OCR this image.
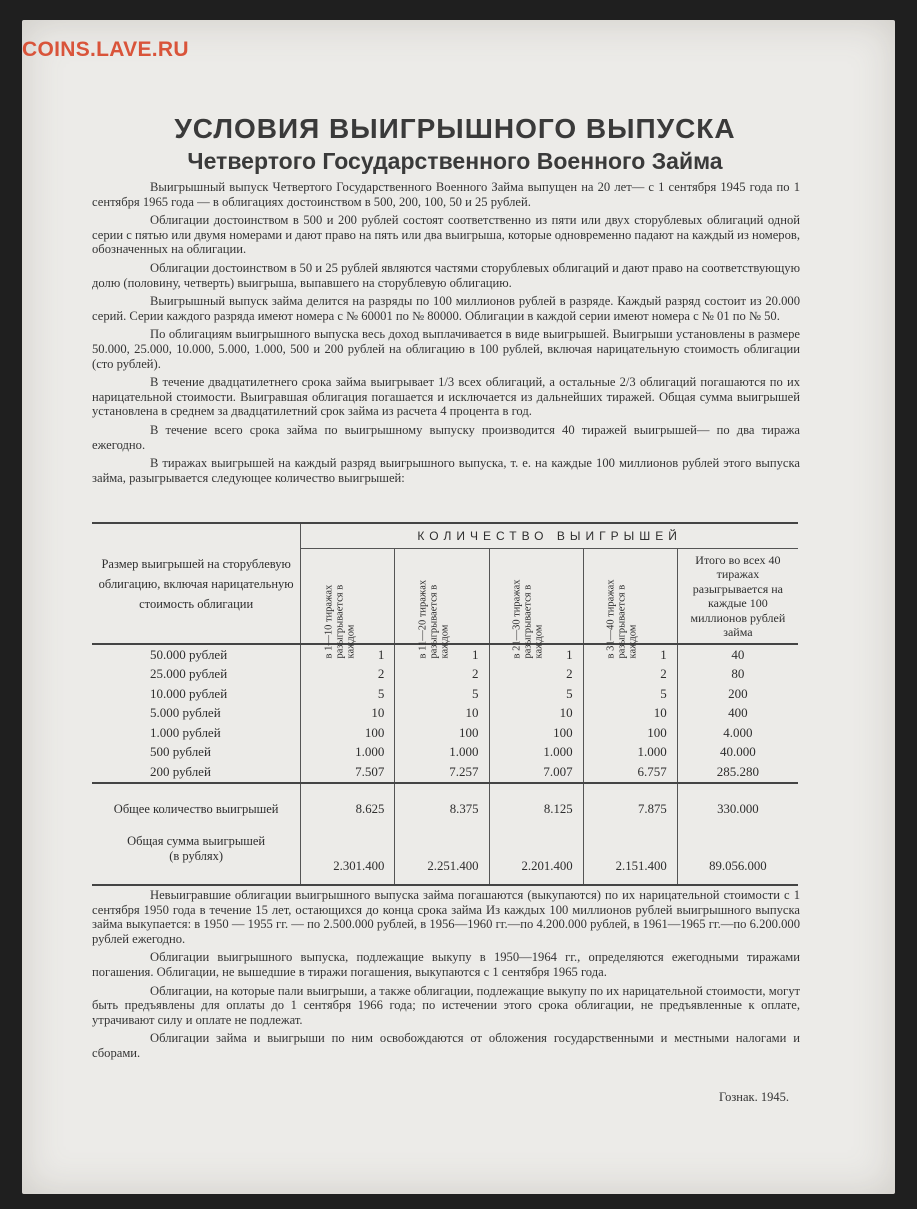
COINS.LAVE.RU
УСЛОВИЯ ВЫИГРЫШНОГО ВЫПУСКА
Четвертого Государственного Военного Займа

Выигрышный выпуск Четвертого Государственного Военного Займа выпущен на 20 лет— с 1 сентября 1945 года по 1 сентября 1965 года — в облигациях достоинством в 500, 200, 100, 50 и 25 рублей.

Облигации достоинством в 500 и 200 рублей состоят соответственно из пяти или двух сторублевых облигаций одной серии с пятью или двумя номерами и дают право на пять или два выигрыша, которые одновременно падают на каждый из номеров, обозначенных на облигации.

Облигации достоинством в 50 и 25 рублей являются частями сторублевых облигаций и дают право на соответствующую долю (половину, четверть) выигрыша, выпавшего на сторублевую облигацию.

Выигрышный выпуск займа делится на разряды по 100 миллионов рублей в разряде. Каждый разряд состоит из 20.000 серий. Серии каждого разряда имеют номера с № 60001 по № 80000. Облигации в каждой серии имеют номера с № 01 по № 50.

По облигациям выигрышного выпуска весь доход выплачивается в виде выигрышей. Выигрыши установлены в размере 50.000, 25.000, 10.000, 5.000, 1.000, 500 и 200 рублей на облигацию в 100 рублей, включая нарицательную стоимость облигации (сто рублей).

В течение двадцатилетнего срока займа выигрывает 1/3 всех облигаций, а остальные 2/3 облигаций погашаются по их нарицательной стоимости. Выигравшая облигация погашается и исключается из дальнейших тиражей. Общая сумма выигрышей установлена в среднем за двадцатилетний срок займа из расчета 4 процента в год.

В течение всего срока займа по выигрышному выпуску производится 40 тиражей выигрышей— по два тиража ежегодно.

В тиражах выигрышей на каждый разряд выигрышного выпуска, т. е. на каждые 100 миллионов рублей этого выпуска займа, разыгрывается следующее количество выигрышей:

Размер выигрышей на сторублевую облигацию, включая нарицательную стоимость облигации	КОЛИЧЕСТВО ВЫИГРЫШЕЙ				

	в 1—10 тиражах разыгрывается в каждом	в 11—20 тиражах разыгрывается в каждом	в 21—30 тиражах разыгрывается в каждом	в 31—40 тиражах разыгрывается в каждом	Итого во всех 40 тиражах разыгрывается на каждые 100 миллионов рублей займа

50.000 рублей	1	1	1	1	40
25.000 рублей	2	2	2	2	80
10.000 рублей	5	5	5	5	200
5.000 рублей	10	10	10	10	400
1.000 рублей	100	100	100	100	4.000
500 рублей	1.000	1.000	1.000	1.000	40.000
200 рублей	7.507	7.257	7.007	6.757	285.280

Общее количество выигрышей	8.625	8.375	8.125	7.875	330.000

Общая сумма выигрышей
(в рублях)	2.301.400	2.251.400	2.201.400	2.151.400	89.056.000

Невыигравшие облигации выигрышного выпуска займа погашаются (выкупаются) по их нарицательной стоимости с 1 сентября 1950 года в течение 15 лет, остающихся до конца срока займа Из каждых 100 миллионов рублей выигрышного выпуска займа выкупается: в 1950 — 1955 гг. — по 2.500.000 рублей, в 1956—1960 гг.—по 4.200.000 рублей, в 1961—1965 гг.—по 6.200.000 рублей ежегодно.

Облигации выигрышного выпуска, подлежащие выкупу в 1950—1964 гг., определяются ежегодными тиражами погашения. Облигации, не вышедшие в тиражи погашения, выкупаются с 1 сентября 1965 года.

Облигации, на которые пали выигрыши, а также облигации, подлежащие выкупу по их нарицательной стоимости, могут быть предъявлены для оплаты до 1 сентября 1966 года; по истечении этого срока облигации, не предъявленные к оплате, утрачивают силу и оплате не подлежат.

Облигации займа и выигрыши по ним освобождаются от обложения государственными и местными налогами и сборами.

Гознак. 1945.
